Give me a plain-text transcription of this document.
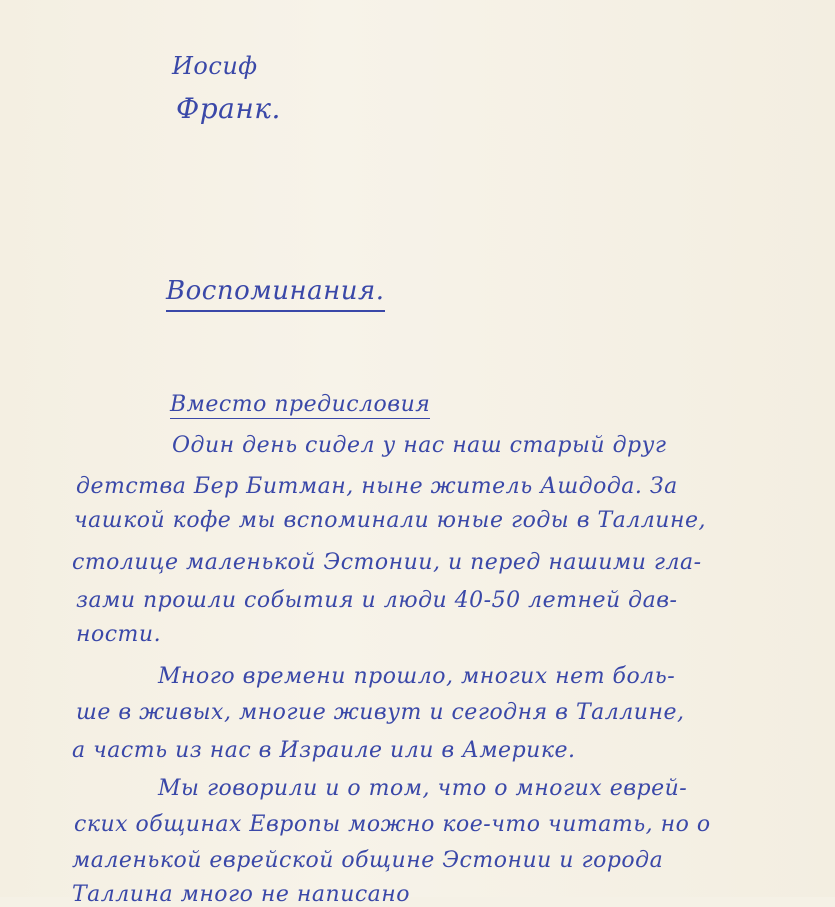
Иосиф
Франк.
Воспоминания.
Вместо предисловия
Один день сидел у нас наш старый друг
детства Бер Битман, ныне житель Ашдода. За
чашкой кофе мы вспоминали юные годы в Таллине,
столице маленькой Эстонии, и перед нашими гла-
зами прошли события и люди 40-50 летней дав-
ности.
Много времени прошло, многих нет боль-
ше в живых, многие живут и сегодня в Таллине,
а часть из нас в Израиле или в Америке.
Мы говорили и о том, что о многих еврей-
ских общинах Европы можно кое-что читать, но о
маленькой еврейской общине Эстонии и города
Таллина много не написано
